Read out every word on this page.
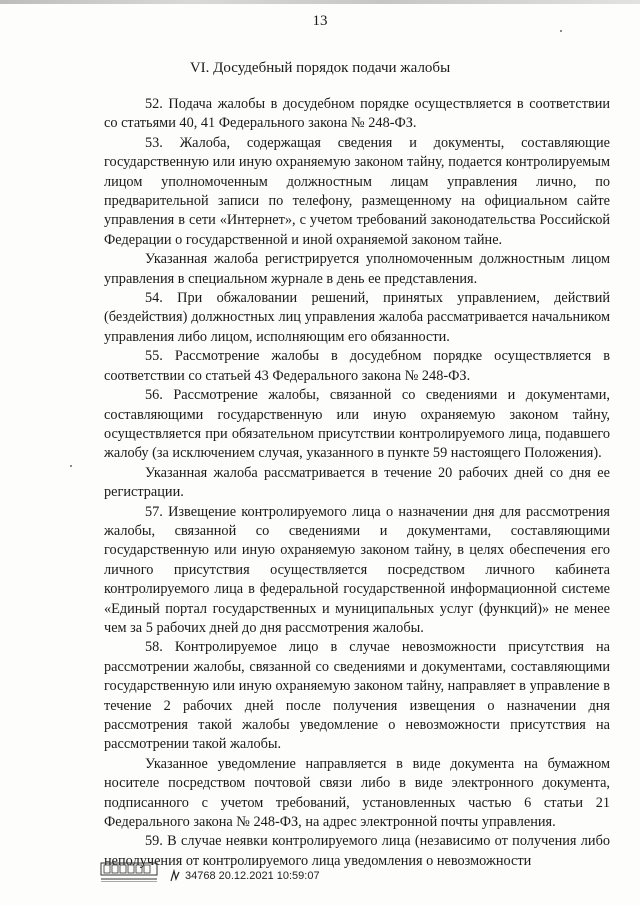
13
VI. Досудебный порядок подачи жалобы

52. Подача жалобы в досудебном порядке осуществляется в соответствии со статьями 40, 41 Федерального закона № 248-ФЗ.

53. Жалоба, содержащая сведения и документы, составляющие государственную или иную охраняемую законом тайну, подается контролируемым лицом уполномоченным должностным лицам управления лично, по предварительной записи по телефону, размещенному на официальном сайте управления в сети «Интернет», с учетом требований законодательства Российской Федерации о государственной и иной охраняемой законом тайне.

Указанная жалоба регистрируется уполномоченным должностным лицом управления в специальном журнале в день ее представления.

54. При обжаловании решений, принятых управлением, действий (бездействия) должностных лиц управления жалоба рассматривается начальником управления либо лицом, исполняющим его обязанности.

55. Рассмотрение жалобы в досудебном порядке осуществляется в соответствии со статьей 43 Федерального закона № 248-ФЗ.

56. Рассмотрение жалобы, связанной со сведениями и документами, составляющими государственную или иную охраняемую законом тайну, осуществляется при обязательном присутствии контролируемого лица, подавшего жалобу (за исключением случая, указанного в пункте 59 настоящего Положения).

Указанная жалоба рассматривается в течение 20 рабочих дней со дня ее регистрации.

57. Извещение контролируемого лица о назначении дня для рассмотрения жалобы, связанной со сведениями и документами, составляющими государственную или иную охраняемую законом тайну, в целях обеспечения его личного присутствия осуществляется посредством личного кабинета контролируемого лица в федеральной государственной информационной системе «Единый портал государственных и муниципальных услуг (функций)» не менее чем за 5 рабочих дней до дня рассмотрения жалобы.

58. Контролируемое лицо в случае невозможности присутствия на рассмотрении жалобы, связанной со сведениями и документами, составляющими государственную или иную охраняемую законом тайну, направляет в управление в течение 2 рабочих дней после получения извещения о назначении дня рассмотрения такой жалобы уведомление о невозможности присутствия на рассмотрении такой жалобы.

Указанное уведомление направляется в виде документа на бумажном носителе посредством почтовой связи либо в виде электронного документа, подписанного с учетом требований, установленных частью 6 статьи 21 Федерального закона № 248-ФЗ, на адрес электронной почты управления.

59. В случае неявки контролируемого лица (независимо от получения либо неполучения от контролируемого лица уведомления о невозможности

34768 20.12.2021 10:59:07
